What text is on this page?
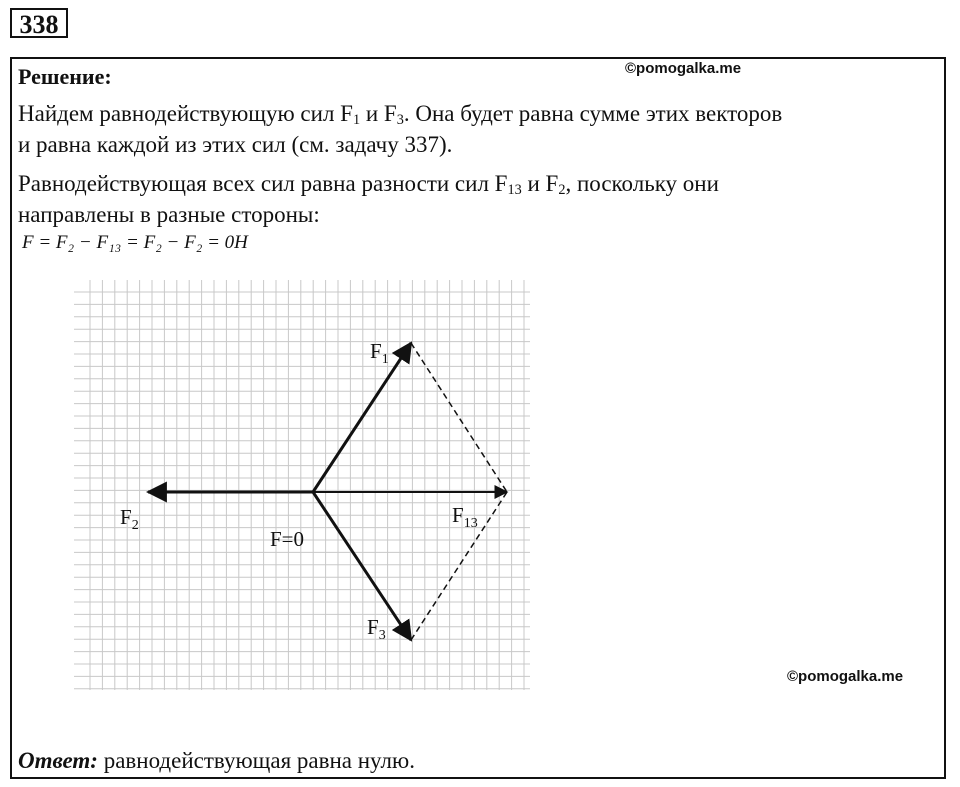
338
Решение:	©pomogalka.me

Найдем равнодействующую сил $F_1$ и $F_3$. Она будет равна сумме этих векторов
и равна каждой из этих сил (см. задачу 337).

Равнодействующая всех сил равна разности сил $F_{13}$ и $F_2$, поскольку они
направлены в разные стороны:

F = F₂ − F₁₃ = F₂ − F₂ = 0H
$F_1$
$F_2$	$F_{13}$
$F_3$
F=0
©pomogalka.me
Ответ: равнодействующая равна нулю.
